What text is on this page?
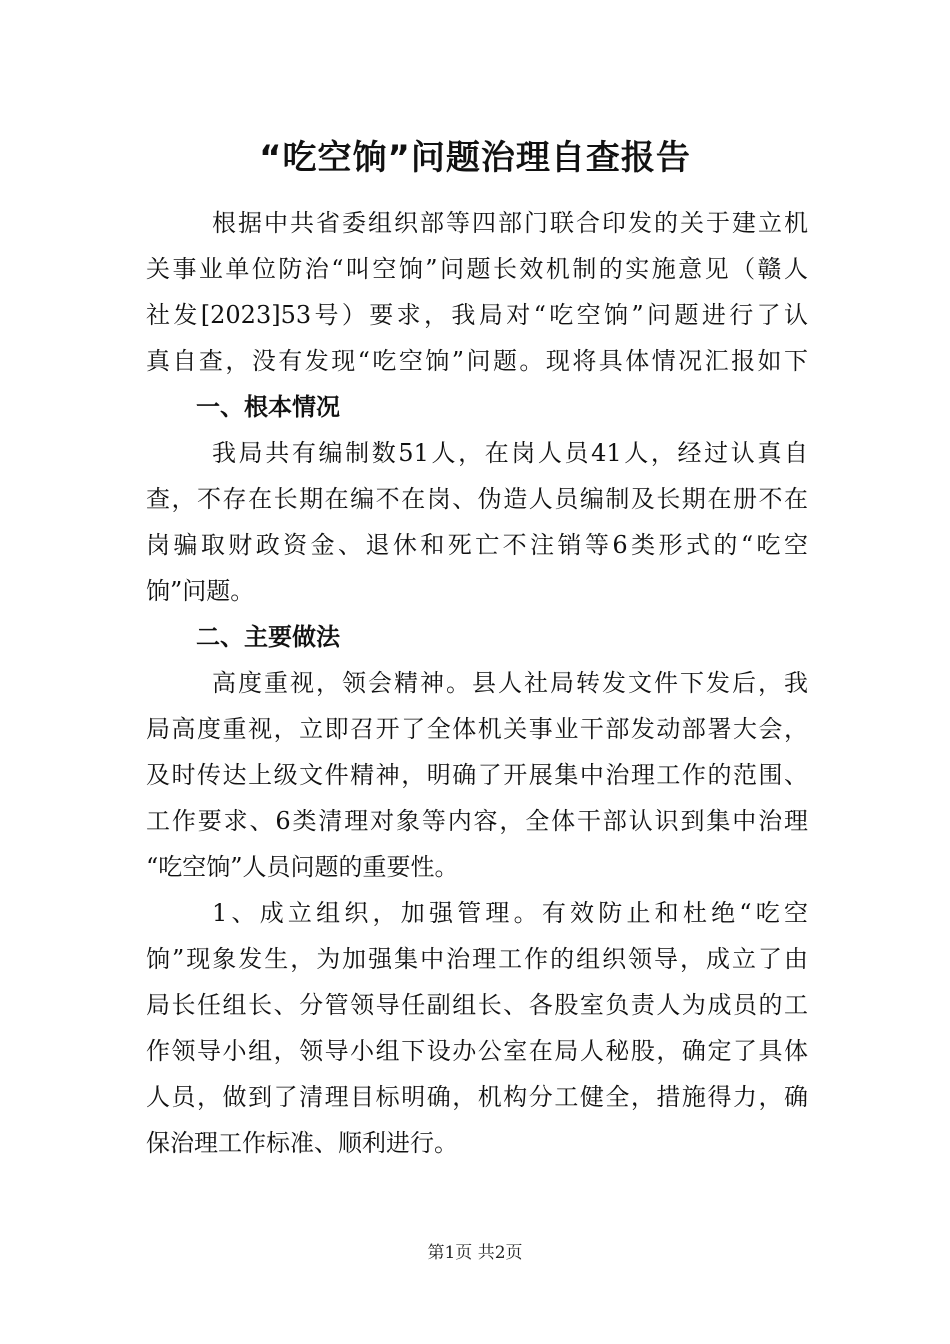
“吃空饷”问题治理自查报告
根据中共省委组织部等四部门联合印发的关于建立机
关事业单位防治“叫空饷”问题长效机制的实施意见（赣人
社发[2023]53号）要求，我局对“吃空饷”问题进行了认
真自查，没有发现“吃空饷”问题。现将具体情况汇报如下
一、根本情况
我局共有编制数51人，在岗人员41人，经过认真自
查，不存在长期在编不在岗、伪造人员编制及长期在册不在
岗骗取财政资金、退休和死亡不注销等6类形式的“吃空
饷”问题。
二、主要做法
高度重视，领会精神。县人社局转发文件下发后，我
局高度重视，立即召开了全体机关事业干部发动部署大会，
及时传达上级文件精神，明确了开展集中治理工作的范围、
工作要求、6类清理对象等内容，全体干部认识到集中治理
“吃空饷”人员问题的重要性。
1、成立组织，加强管理。有效防止和杜绝“吃空
饷”现象发生，为加强集中治理工作的组织领导，成立了由
局长任组长、分管领导任副组长、各股室负责人为成员的工
作领导小组，领导小组下设办公室在局人秘股，确定了具体
人员，做到了清理目标明确，机构分工健全，措施得力，确
保治理工作标准、顺利进行。
第1页 共2页
